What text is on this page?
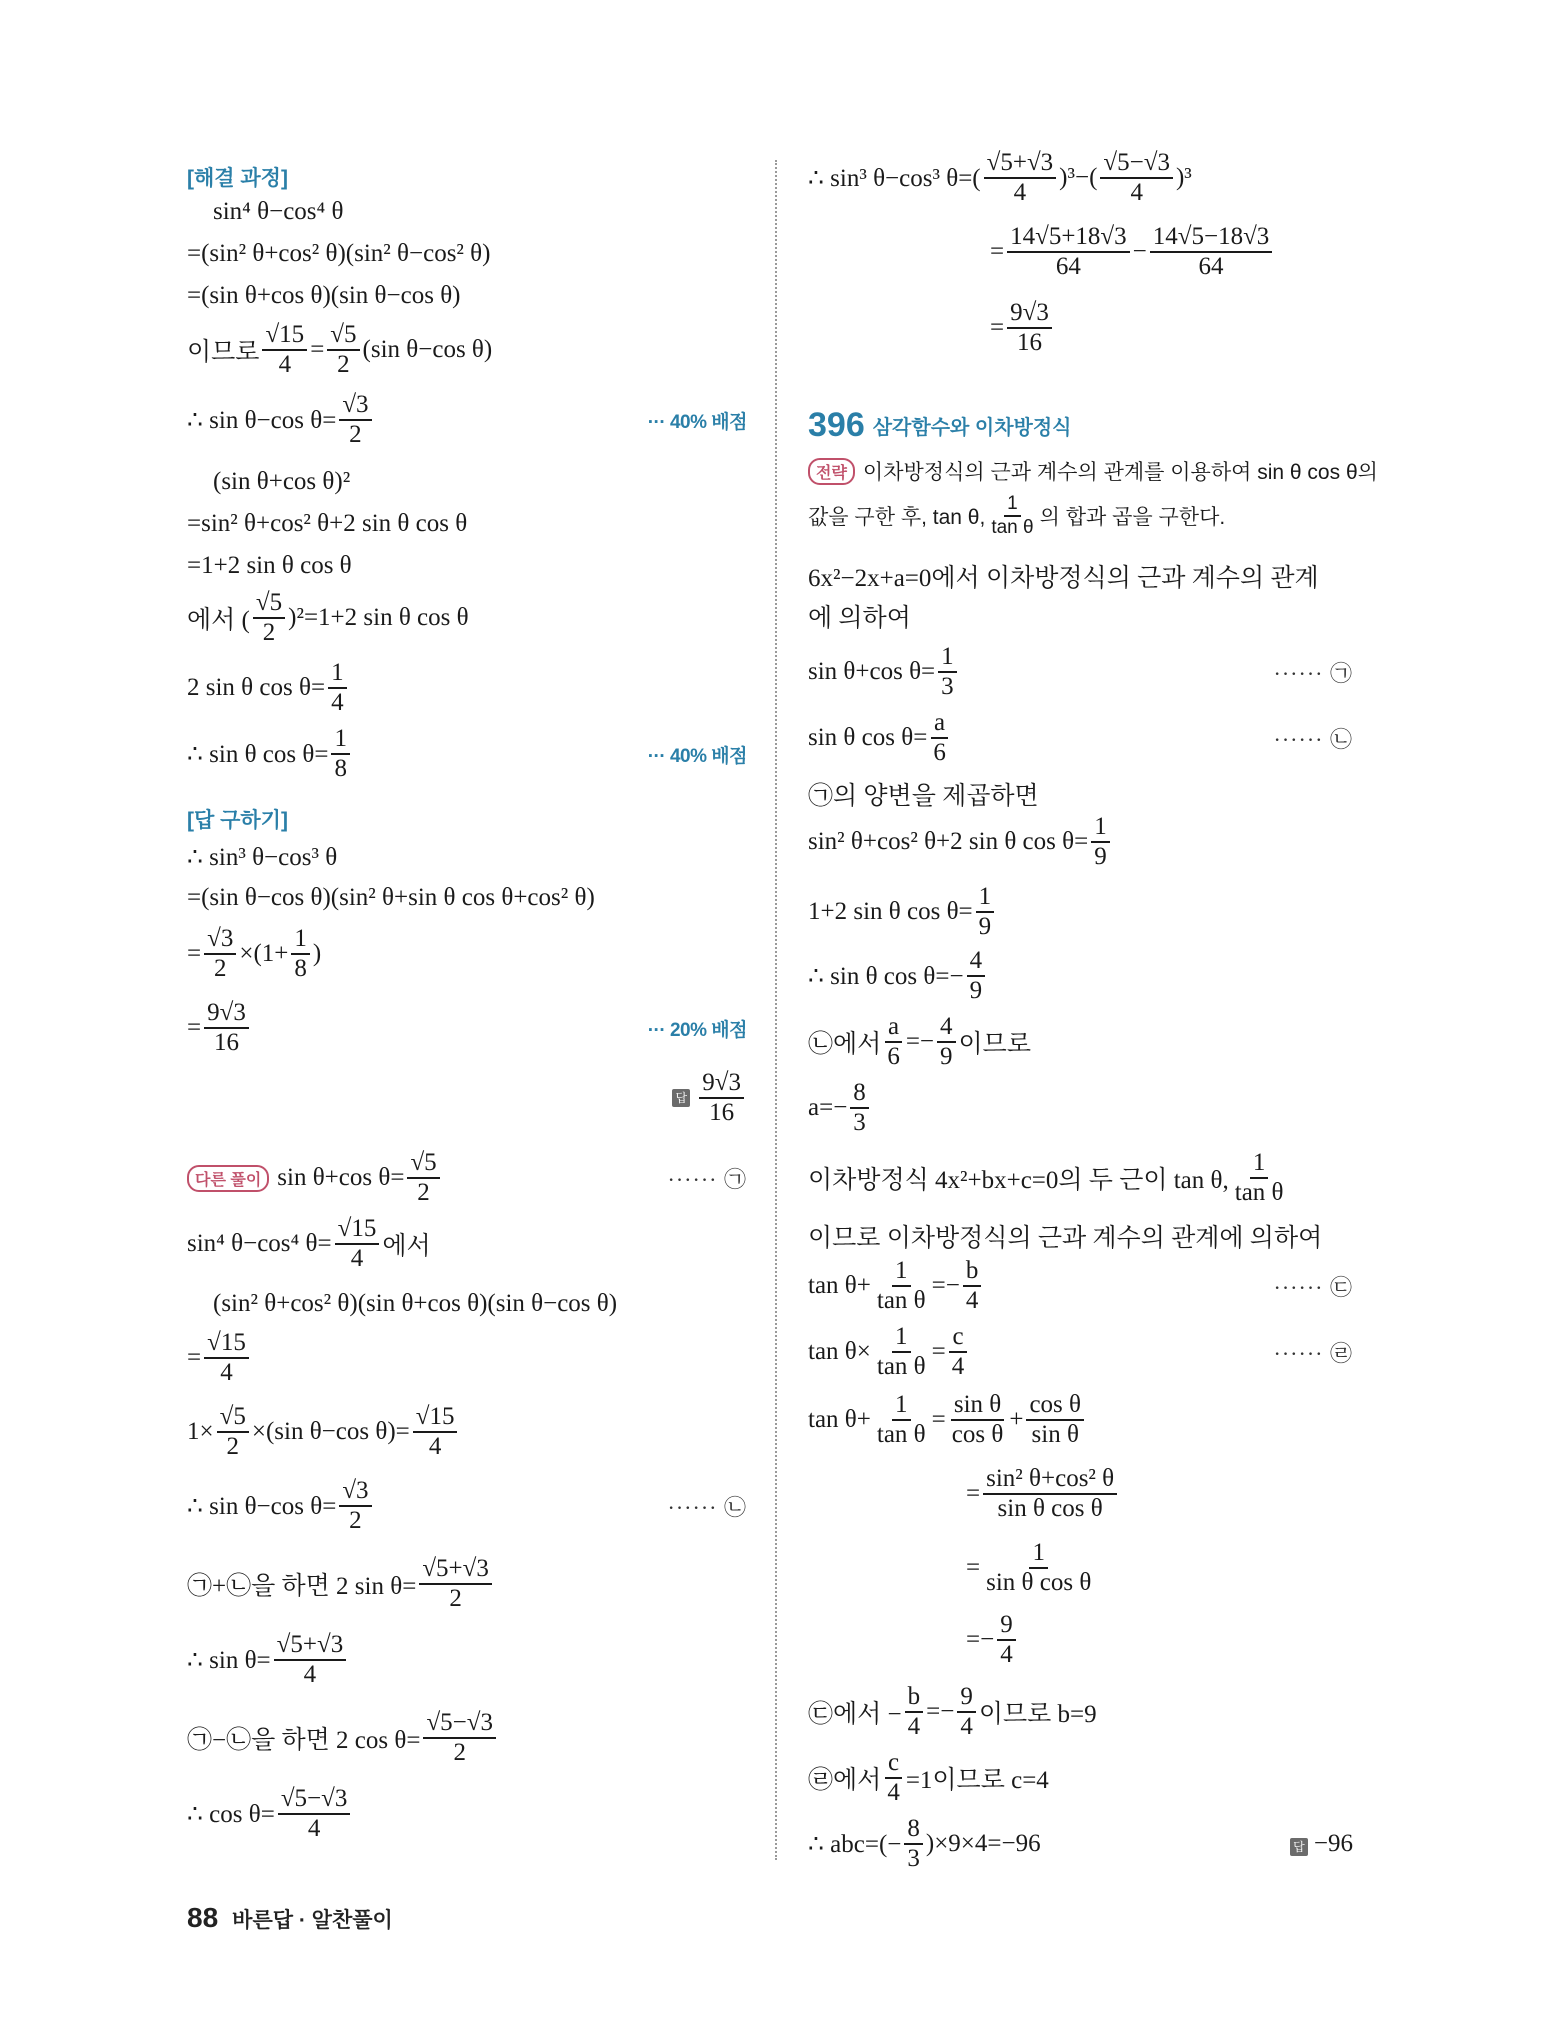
[해결 과정]
sin⁴ θ−cos⁴ θ
=(sin² θ+cos² θ)(sin² θ−cos² θ)
=(sin θ+cos θ)(sin θ−cos θ)
이므로 $\frac{√15}{4} = \frac{√5}{2} (\sin$ θ−cos θ)
∴ sin θ−cos $\theta= \frac{√3}{2}$	··· 40% 배점
(sin θ+cos θ)²
=sin² θ+cos² θ+2 sin θ cos θ
=1+2 sin θ cos θ
에서 ( $\frac{√5}{2} )^2=1+2$ sin θ cos θ
2 sin θ $\cos \theta= \frac{1}{4}$
∴ sin θ $\cos \theta= \frac{1}{8}$	··· 40% 배점
[답 구하기]
∴ sin³ θ−cos³ θ
=(sin θ−cos θ)(sin² θ+sin θ cos θ+cos² θ)
= $\frac{√3}{2} \times(1+ \frac{1}{8}$ )
= $\frac{9√3}{16}$	··· 20% 배점
답 $\frac{9√3}{16}$
다른 풀이 sin θ+cos $\theta= \frac{√5}{2}$	······ ㉠
sin⁴ θ−cos⁴ $\theta= \frac{√15}{4}$ 에서
(sin² θ+cos² θ)(sin θ+cos θ)(sin θ−cos θ)
= $\frac{√15}{4}$
$1\times \frac{√5}{2} \times(\sin$ θ−cos $\theta)= \frac{√15}{4}$
∴ sin θ−cos $\theta= \frac{√3}{2}$	······ ㉡
㉠+㉡을 하면 2 $\sin \theta= \frac{√5+√3}{2}$
∴ $\sin \theta= \frac{√5+√3}{4}$
㉠−㉡을 하면 2 $\cos \theta= \frac{√5-√3}{2}$
∴ $\cos \theta= \frac{√5-√3}{4}$
∴ sin³ θ−cos³ $\theta=( \frac{√5+√3}{4} )^3-( \frac{√5-√3}{4} )^3$
= $\frac{14√5+18√3}{64} - \frac{14√5-18√3}{64}$
= $\frac{9√3}{16}$
396 삼각함수와 이차방정식
전략 이차방정식의 근과 계수의 관계를 이용하여 sin θ cos θ의
값을 구한 후, tan θ, $\frac{1}{\text{tan θ}}$ 의 합과 곱을 구한다.
6x²−2x+a=0에서 이차방정식의 근과 계수의 관계
에 의하여
sin θ+cos $\theta= \frac{1}{3}$	······ ㉠
sin θ $\cos \theta= \frac{a}{6}$	······ ㉡
㉠의 양변을 제곱하면
sin² θ+cos² θ+2 sin θ $\cos \theta= \frac{1}{9}$
1+2 sin θ $\cos \theta= \frac{1}{9}$
∴ sin θ $\cos \theta=- \frac{4}{9}$
㉡에서 $\frac{a}{6} =- \frac{4}{9}$ 이므로
$a=- \frac{8}{3}$
이차방정식 4x²+bx+c=0의 두 근이 tan θ, $\frac{1}{\text{tan θ}}$
이므로 이차방정식의 근과 계수의 관계에 의하여
$\tan \theta+ \frac{1}{\text{tan θ}} =- \frac{b}{4}$	······ ㉢
$\tan \theta\times \frac{1}{\text{tan θ}} = \frac{c}{4}$	······ ㉣
$\tan \theta+ \frac{1}{\text{tan θ}} = \frac{\text{sin θ}}{\text{cos θ}} + \frac{\text{cos θ}}{\text{sin θ}}$
= $\frac{\text{sin² θ+cos² θ}}{\text{sin θ cos θ}}$
= $\frac{1}{\text{sin θ cos θ}}$
=− $\frac{9}{4}$
㉢에서 − $\frac{b}{4} =- \frac{9}{4}$ 이므로 b=9
㉣에서 $\frac{c}{4} =1$이므로 c=4
∴ $abc=(- \frac{8}{3} )\times 9\times 4=-96$	답 −96
88 바른답 · 알찬풀이
